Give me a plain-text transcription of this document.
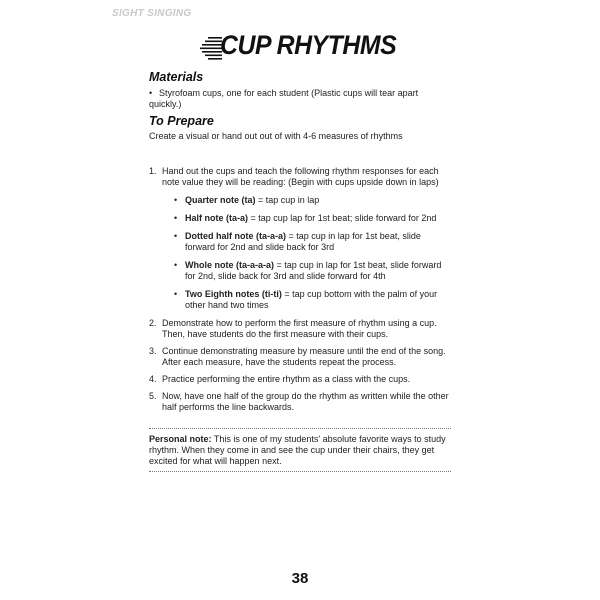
SIGHT SINGING
CUP RHYTHMS
Materials
• Styrofoam cups, one for each student (Plastic cups will tear apart quickly.)
To Prepare
Create a visual or hand out out of with 4-6 measures of rhythms
1. Hand out the cups and teach the following rhythm responses for each note value they will be reading: (Begin with cups upside down in laps)
• Quarter note (ta) = tap cup in lap
• Half note (ta-a) = tap cup lap for 1st beat; slide forward for 2nd
• Dotted half note (ta-a-a) = tap cup in lap for 1st beat, slide forward for 2nd and slide back for 3rd
• Whole note (ta-a-a-a) = tap cup in lap for 1st beat, slide forward for 2nd, slide back for 3rd and slide forward for 4th
• Two Eighth notes (ti-ti) = tap cup bottom with the palm of your other hand two times
2. Demonstrate how to perform the first measure of rhythm using a cup. Then, have students do the first measure with their cups.
3. Continue demonstrating measure by measure until the end of the song. After each measure, have the students repeat the process.
4. Practice performing the entire rhythm as a class with the cups.
5. Now, have one half of the group do the rhythm as written while the other half performs the line backwards.
Personal note: This is one of my students' absolute favorite ways to study rhythm. When they come in and see the cup under their chairs, they get excited for what will happen next.
38
